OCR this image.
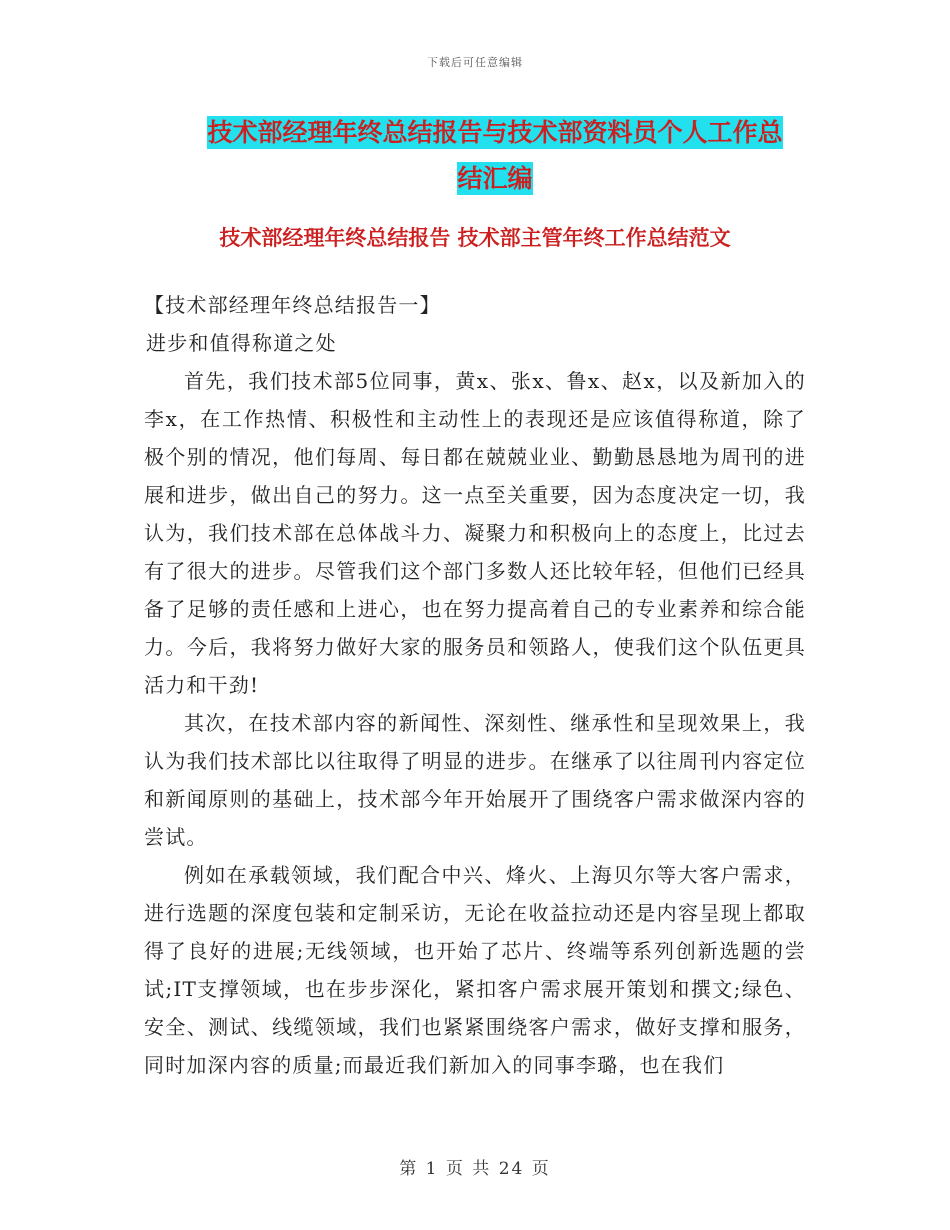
下载后可任意编辑
技术部经理年终总结报告与技术部资料员个人工作总
结汇编
技术部经理年终总结报告 技术部主管年终工作总结范文

【技术部经理年终总结报告一】

进步和值得称道之处

首先，我们技术部5位同事，黄x、张x、鲁x、赵x，以及新加入的李x，在工作热情、积极性和主动性上的表现还是应该值得称道，除了极个别的情况，他们每周、每日都在兢兢业业、勤勤恳恳地为周刊的进展和进步，做出自己的努力。这一点至关重要，因为态度决定一切，我认为，我们技术部在总体战斗力、凝聚力和积极向上的态度上，比过去有了很大的进步。尽管我们这个部门多数人还比较年轻，但他们已经具备了足够的责任感和上进心，也在努力提高着自己的专业素养和综合能力。今后，我将努力做好大家的服务员和领路人，使我们这个队伍更具活力和干劲!

其次，在技术部内容的新闻性、深刻性、继承性和呈现效果上，我认为我们技术部比以往取得了明显的进步。在继承了以往周刊内容定位和新闻原则的基础上，技术部今年开始展开了围绕客户需求做深内容的尝试。

例如在承载领域，我们配合中兴、烽火、上海贝尔等大客户需求，进行选题的深度包装和定制采访，无论在收益拉动还是内容呈现上都取得了良好的进展;无线领域，也开始了芯片、终端等系列创新选题的尝试;IT支撑领域，也在步步深化，紧扣客户需求展开策划和撰文;绿色、安全、测试、线缆领域，我们也紧紧围绕客户需求，做好支撑和服务，同时加深内容的质量;而最近我们新加入的同事李璐，也在我们

第 1 页 共 24 页
